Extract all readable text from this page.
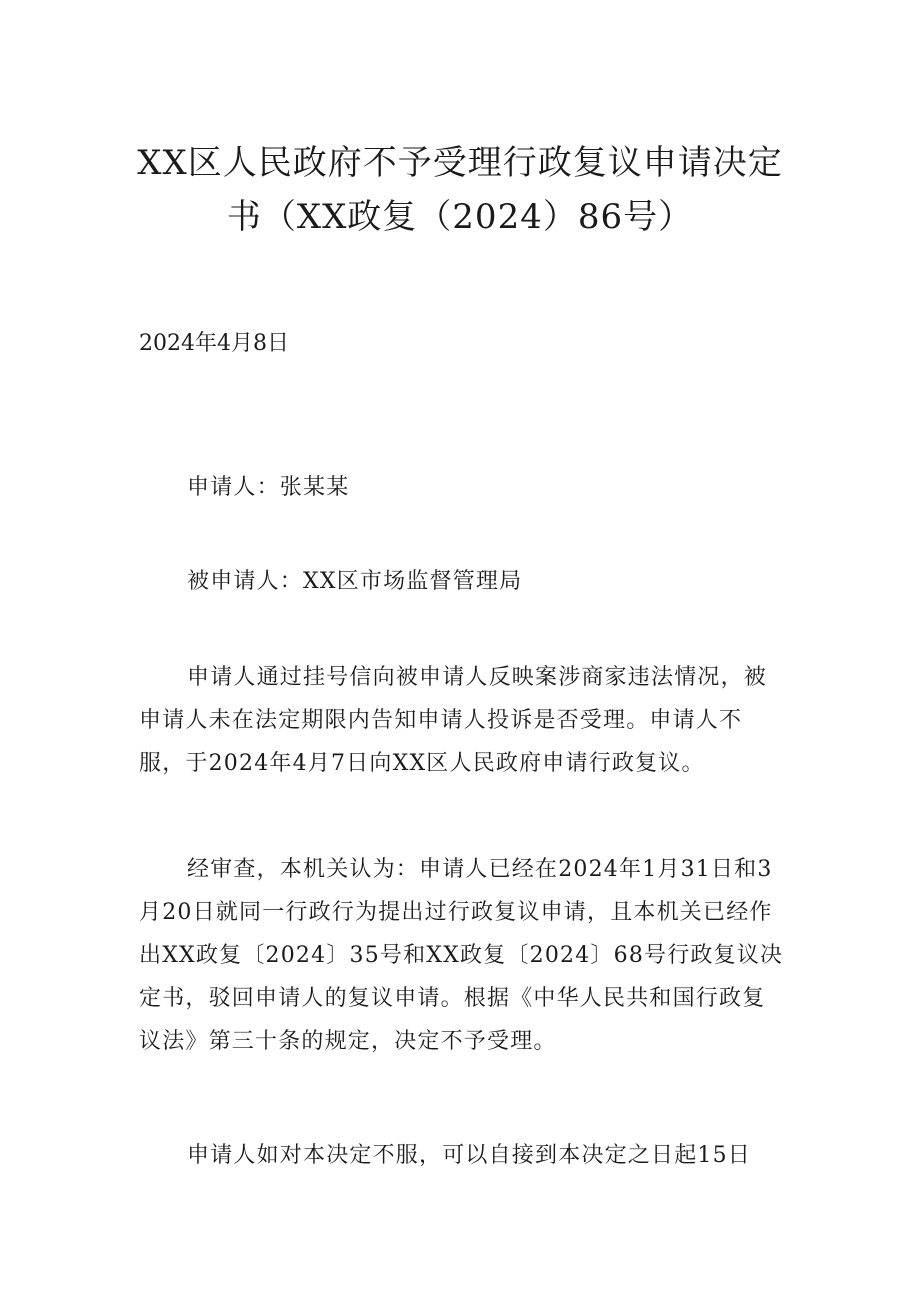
XX区人民政府不予受理行政复议申请决定
书（XX政复（2024）86号）

2024年4月8日

申请人：张某某

被申请人：XX区市场监督管理局

申请人通过挂号信向被申请人反映案涉商家违法情况，被申请人未在法定期限内告知申请人投诉是否受理。申请人不服，于2024年4月7日向XX区人民政府申请行政复议。

经审查，本机关认为：申请人已经在2024年1月31日和3月20日就同一行政行为提出过行政复议申请，且本机关已经作出XX政复〔2024〕35号和XX政复〔2024〕68号行政复议决定书，驳回申请人的复议申请。根据《中华人民共和国行政复议法》第三十条的规定，决定不予受理。

申请人如对本决定不服，可以自接到本决定之日起15日
